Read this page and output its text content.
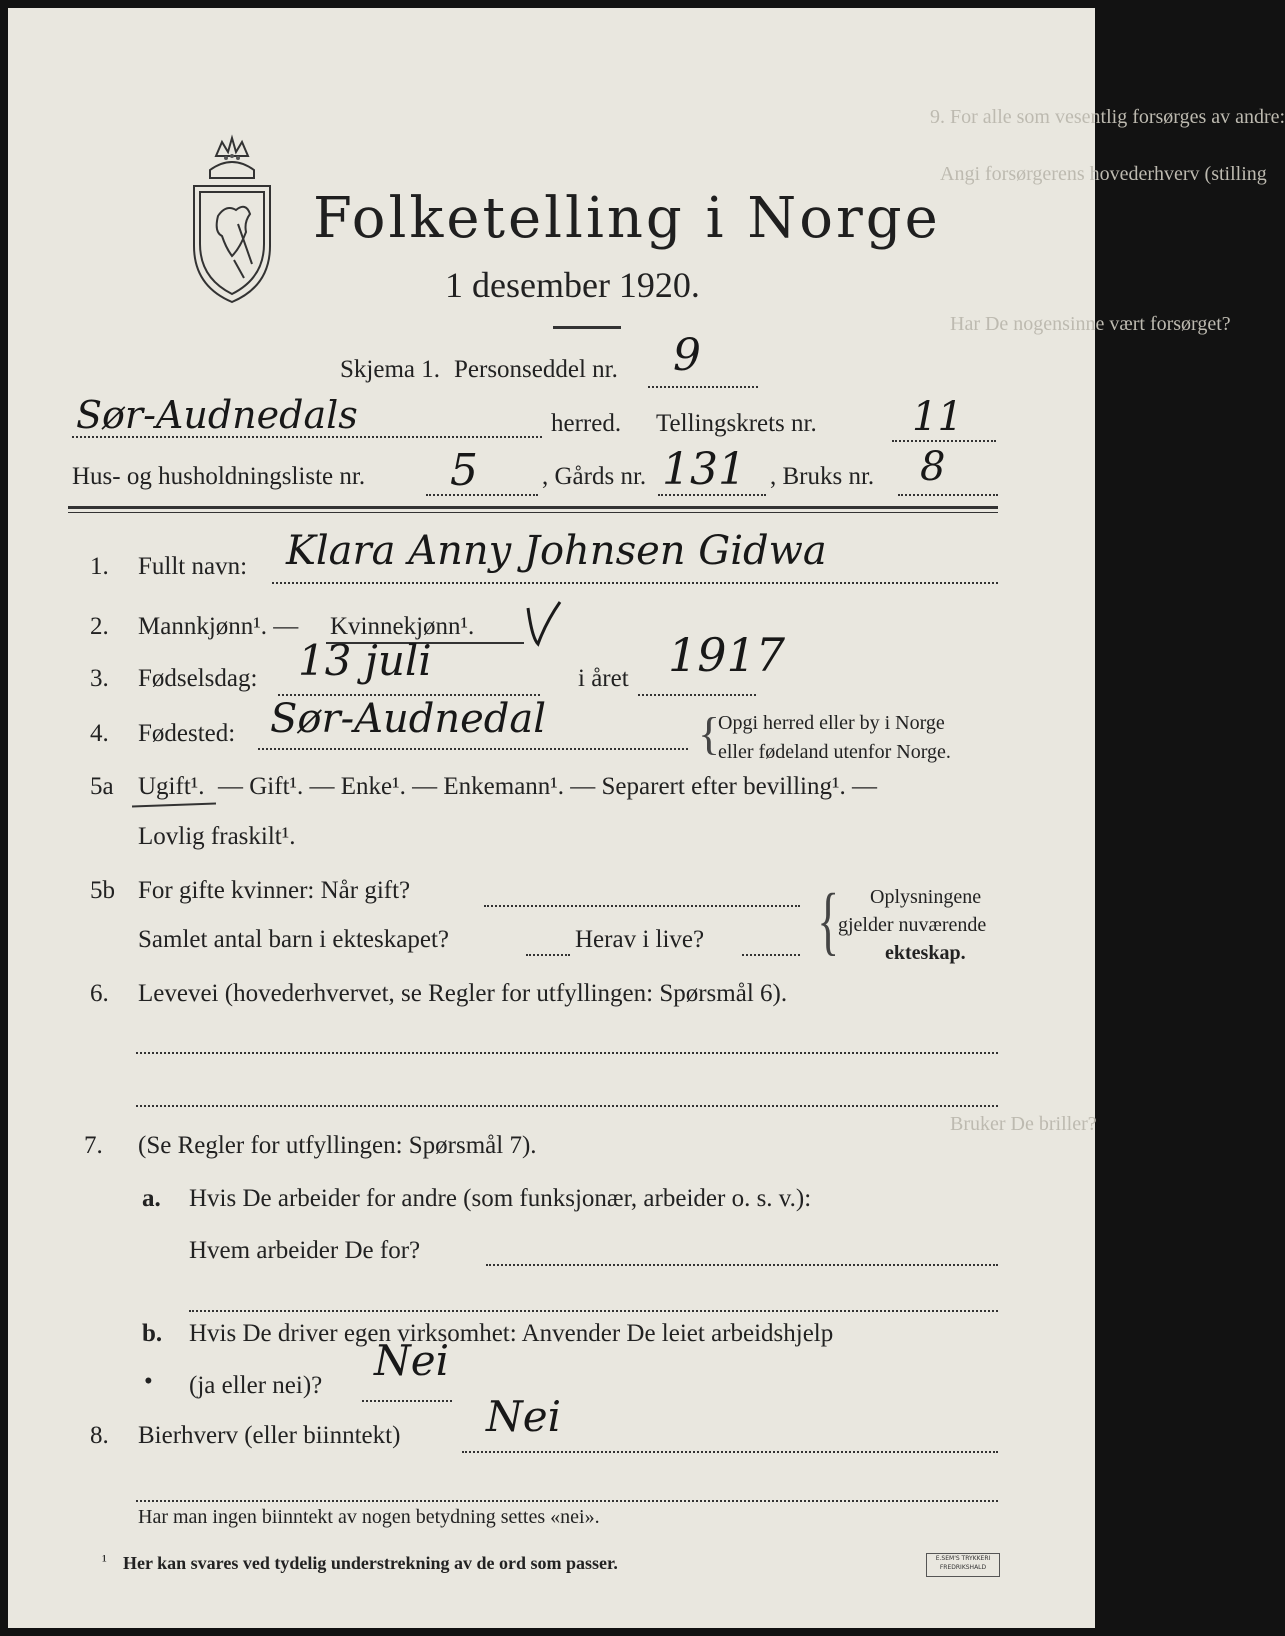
9. For alle som vesentlig forsørges av andre:
Angi forsørgerens hovederhverv (stilling
Har De nogensinne vært forsørget?
Bruker De briller?
Folketelling i Norge
1 desember 1920.
Skjema 1. Personseddel nr. 9
Sør-Audnedals	herred. Tellingskrets nr. 11
Hus- og husholdningsliste nr. 5	, Gårds nr. 131 , Bruks nr. 8
1. Fullt navn: Klara Anny Johnsen Gidwa
2. Mannkjønn¹. — Kvinnekjønn¹.
3. Fødselsdag: 13 juli	i året 1917
4. Fødested: Sør-Audnedal	{
Opgi herred eller by i Norge
eller fødeland utenfor Norge.
5a Ugift¹. — Gift¹. — Enke¹. — Enkemann¹. — Separert efter bevilling¹. —
Lovlig fraskilt¹.
5b For gifte kvinner: Når gift?
Samlet antal barn i ekteskapet?	Herav i live? { Oplysningene
gjelder nuværende
ekteskap.
6. Levevei (hovederhvervet, se Regler for utfyllingen: Spørsmål 6).
7. (Se Regler for utfyllingen: Spørsmål 7).
a. Hvis De arbeider for andre (som funksjonær, arbeider o. s. v.):
Hvem arbeider De for?
b. Hvis De driver egen virksomhet: Anvender De leiet arbeidshjelp
• (ja eller nei)?
Nei
8. Bierhverv (eller biinntekt) Nei
Har man ingen biinntekt av nogen betydning settes «nei».
¹ Her kan svares ved tydelig understrekning av de ord som passer.	E.SEM'S TRYKKERI
FREDRIKSHALD
